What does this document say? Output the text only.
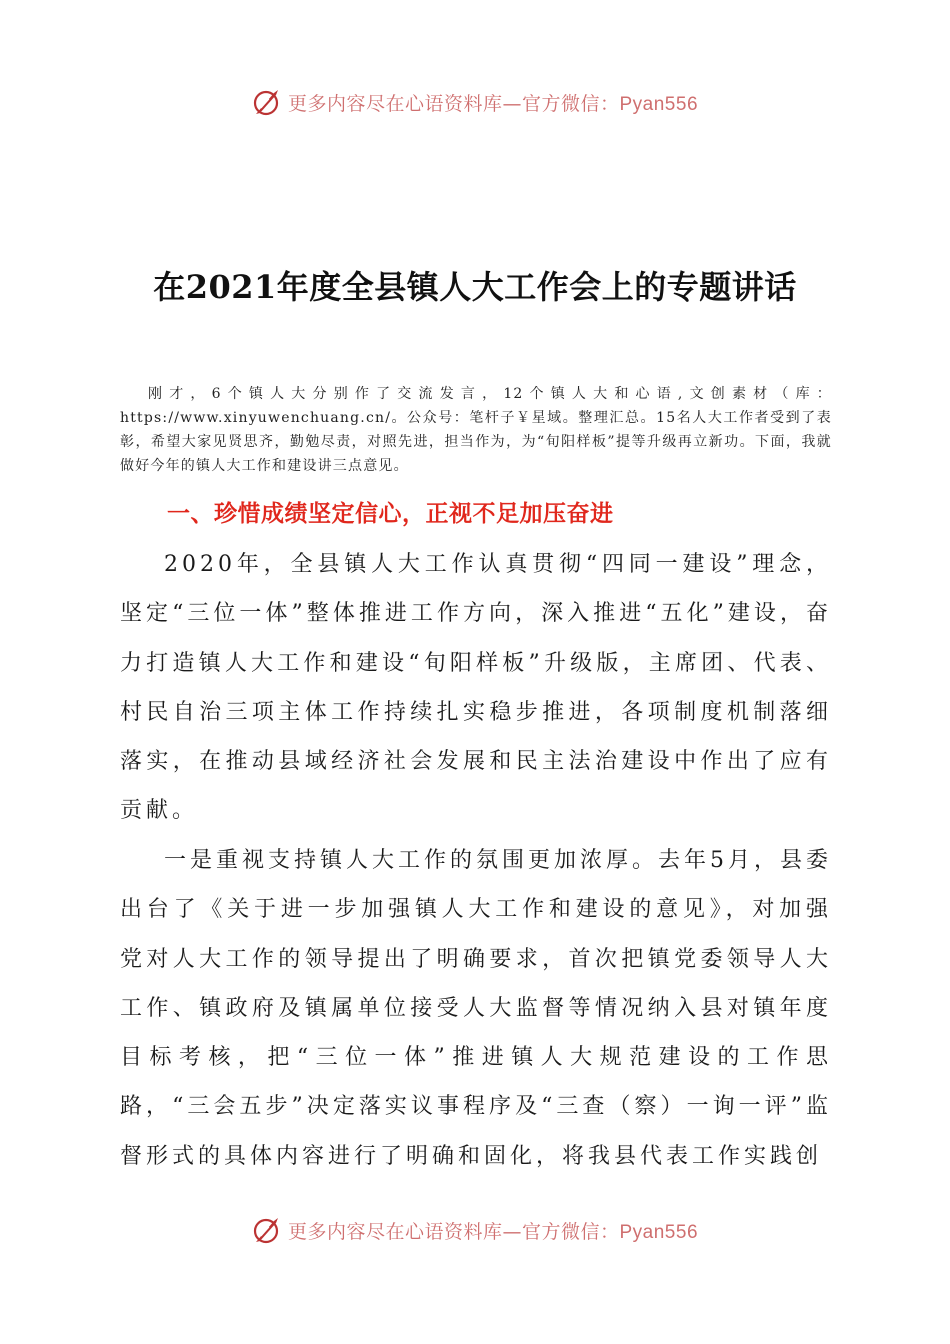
更多内容尽在心语资料库—官方微信：Pyan556
在2021年度全县镇人大工作会上的专题讲话
刚才，6个镇人大分别作了交流发言，12个镇人大和心语,文创素材（库：https://www.xinyuwenchuang.cn/。公众号：笔杆子￥星域。整理汇总。15名人大工作者受到了表彰，希望大家见贤思齐，勤勉尽责，对照先进，担当作为，为“旬阳样板”提等升级再立新功。下面，我就做好今年的镇人大工作和建设讲三点意见。
一、珍惜成绩坚定信心，正视不足加压奋进
2020年，全县镇人大工作认真贯彻“四同一建设”理念，坚定“三位一体”整体推进工作方向，深入推进“五化”建设，奋力打造镇人大工作和建设“旬阳样板”升级版，主席团、代表、村民自治三项主体工作持续扎实稳步推进，各项制度机制落细落实，在推动县域经济社会发展和民主法治建设中作出了应有贡献。
一是重视支持镇人大工作的氛围更加浓厚。去年5月，县委出台了《关于进一步加强镇人大工作和建设的意见》，对加强党对人大工作的领导提出了明确要求，首次把镇党委领导人大工作、镇政府及镇属单位接受人大监督等情况纳入县对镇年度目标考核，把“三位一体”推进镇人大规范建设的工作思路，“三会五步”决定落实议事程序及“三查（察）一询一评”监督形式的具体内容进行了明确和固化，将我县代表工作实践创
更多内容尽在心语资料库—官方微信：Pyan556
